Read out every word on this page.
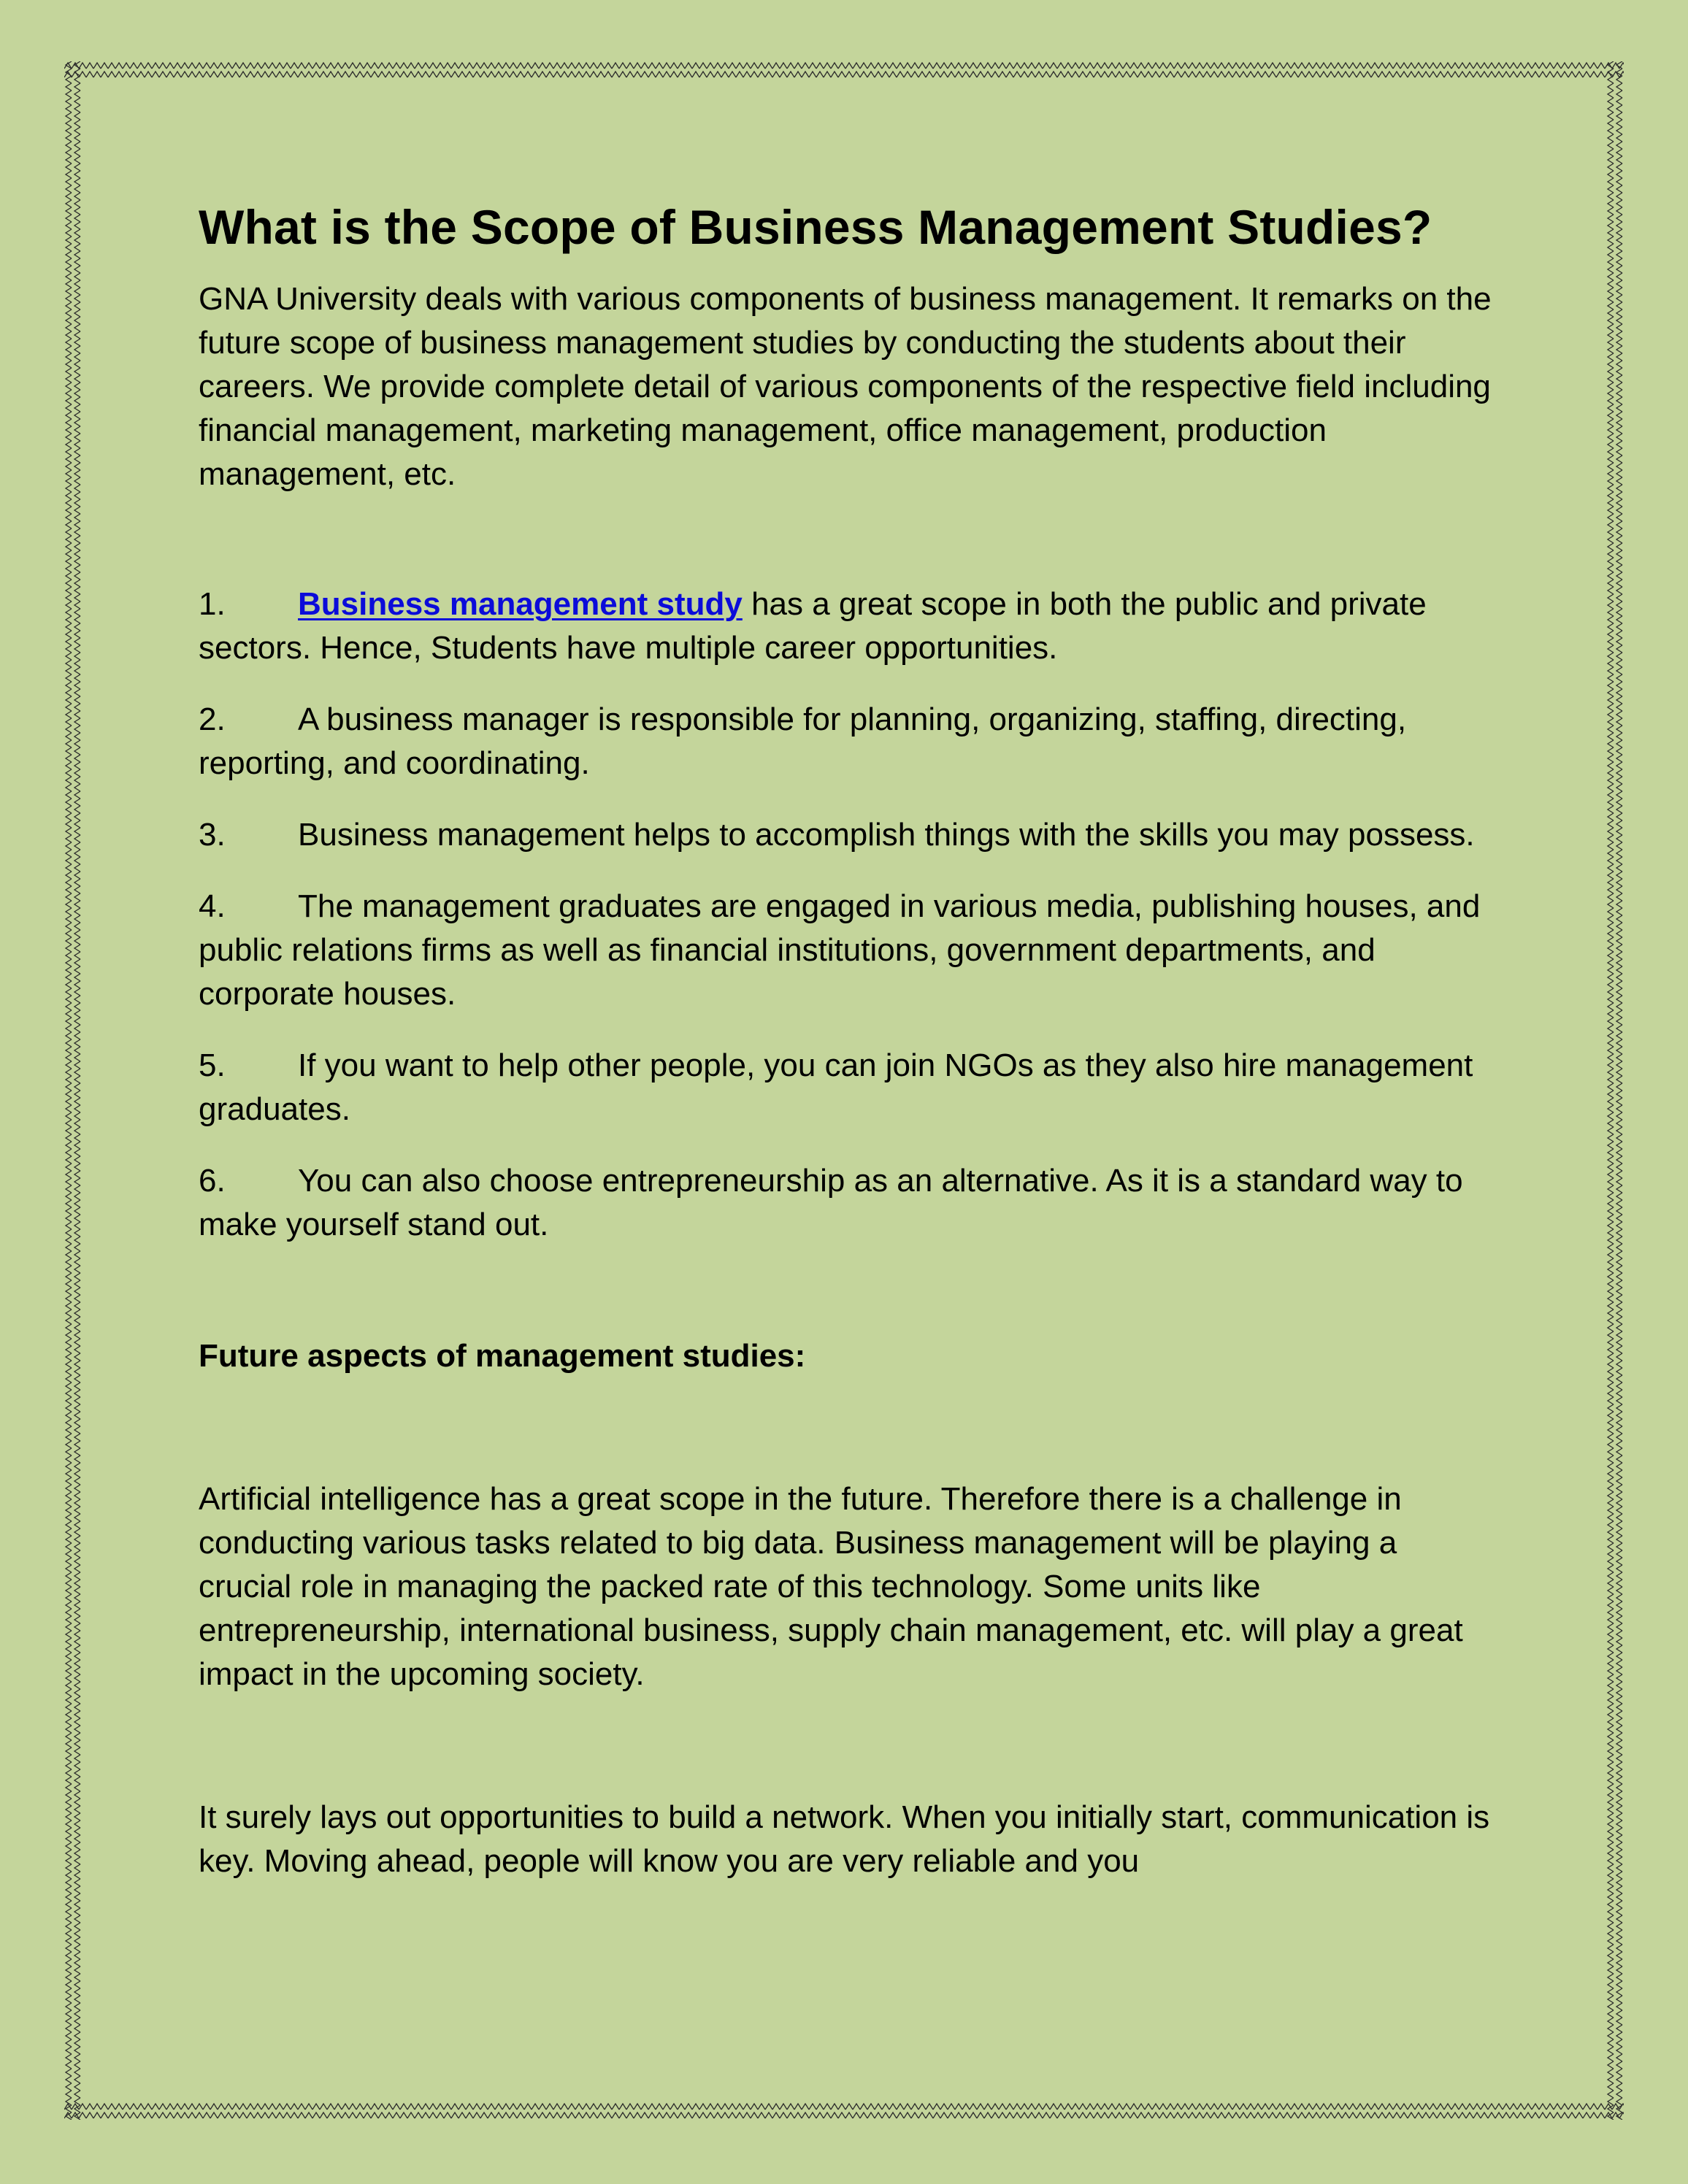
What is the Scope of Business Management Studies?

GNA University deals with various components of business management. It remarks on the future scope of business management studies by conducting the students about their careers. We provide complete detail of various components of the respective field including financial management, marketing management, office management, production management, etc.

1. Business management study has a great scope in both the public and private sectors. Hence, Students have multiple career opportunities.

2. A business manager is responsible for planning, organizing, staffing, directing, reporting, and coordinating.

3. Business management helps to accomplish things with the skills you may possess.

4. The management graduates are engaged in various media, publishing houses, and public relations firms as well as financial institutions, government departments, and corporate houses.

5. If you want to help other people, you can join NGOs as they also hire management graduates.

6. You can also choose entrepreneurship as an alternative. As it is a standard way to make yourself stand out.

Future aspects of management studies:

Artificial intelligence has a great scope in the future. Therefore there is a challenge in conducting various tasks related to big data. Business management will be playing a crucial role in managing the packed rate of this technology. Some units like entrepreneurship, international business, supply chain management, etc. will play a great impact in the upcoming society.

It surely lays out opportunities to build a network. When you initially start, communication is key. Moving ahead, people will know you are very reliable and you
